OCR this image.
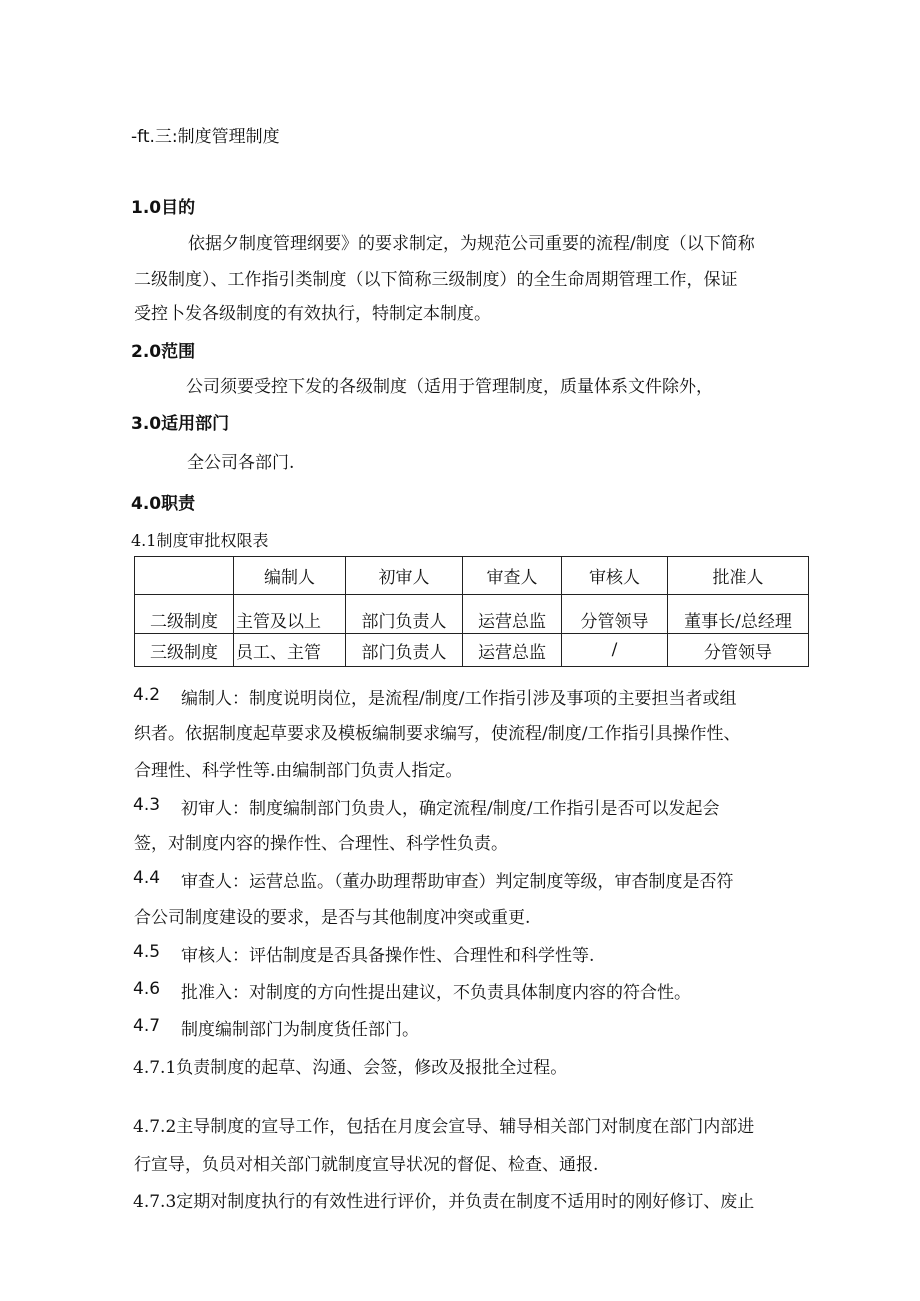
-ft.三:制度管理制度
1.0目的
依据夕制度管理纲要》的要求制定，为规范公司重要的流程/制度（以下简称
二级制度）、工作指引类制度（以下简称三级制度）的全生命周期管理工作，保证
受控卜发各级制度的有效执行，特制定本制度。
2.0范围
公司须要受控下发的各级制度（适用于管理制度，质量体系文件除外，
3.0适用部门
全公司各部门.
4.0职责
4.1制度审批权限表
	编制人	初审人	审查人	审核人	批准人
二级制度	主管及以上	部门负责人	运营总监	分管领导	董事长/总经理
三级制度	员工、主管	部门负责人	运营总监	/	分管领导
4.2 编制人：制度说明岗位，是流程/制度/工作指引涉及事项的主要担当者或组
织者。依据制度起草要求及模板编制要求编写，使流程/制度/工作指引具操作性、
合理性、科学性等.由编制部门负责人指定。
4.3 初审人：制度编制部门负贵人，确定流程/制度/工作指引是否可以发起会
签，对制度内容的操作性、合理性、科学性负责。
4.4 审查人：运营总监。（董办助理帮助审查）判定制度等级，审杳制度是否符
合公司制度建设的要求，是否与其他制度冲突或重更.
4.5 审核人：评估制度是否具备操作性、合理性和科学性等.
4.6 批准入：对制度的方向性提出建议，不负责具体制度内容的符合性。
4.7 制度编制部门为制度货任部门。
4.7.1负责制度的起草、沟通、会签，修改及报批全过程。
4.7.2主导制度的宣导工作，包括在月度会宣导、辅导相关部门对制度在部门内部进
行宣导，负员对相关部门就制度宣导状况的督促、检查、通报.
4.7.3定期对制度执行的有效性进行评价，并负责在制度不适用时的刚好修订、废止
